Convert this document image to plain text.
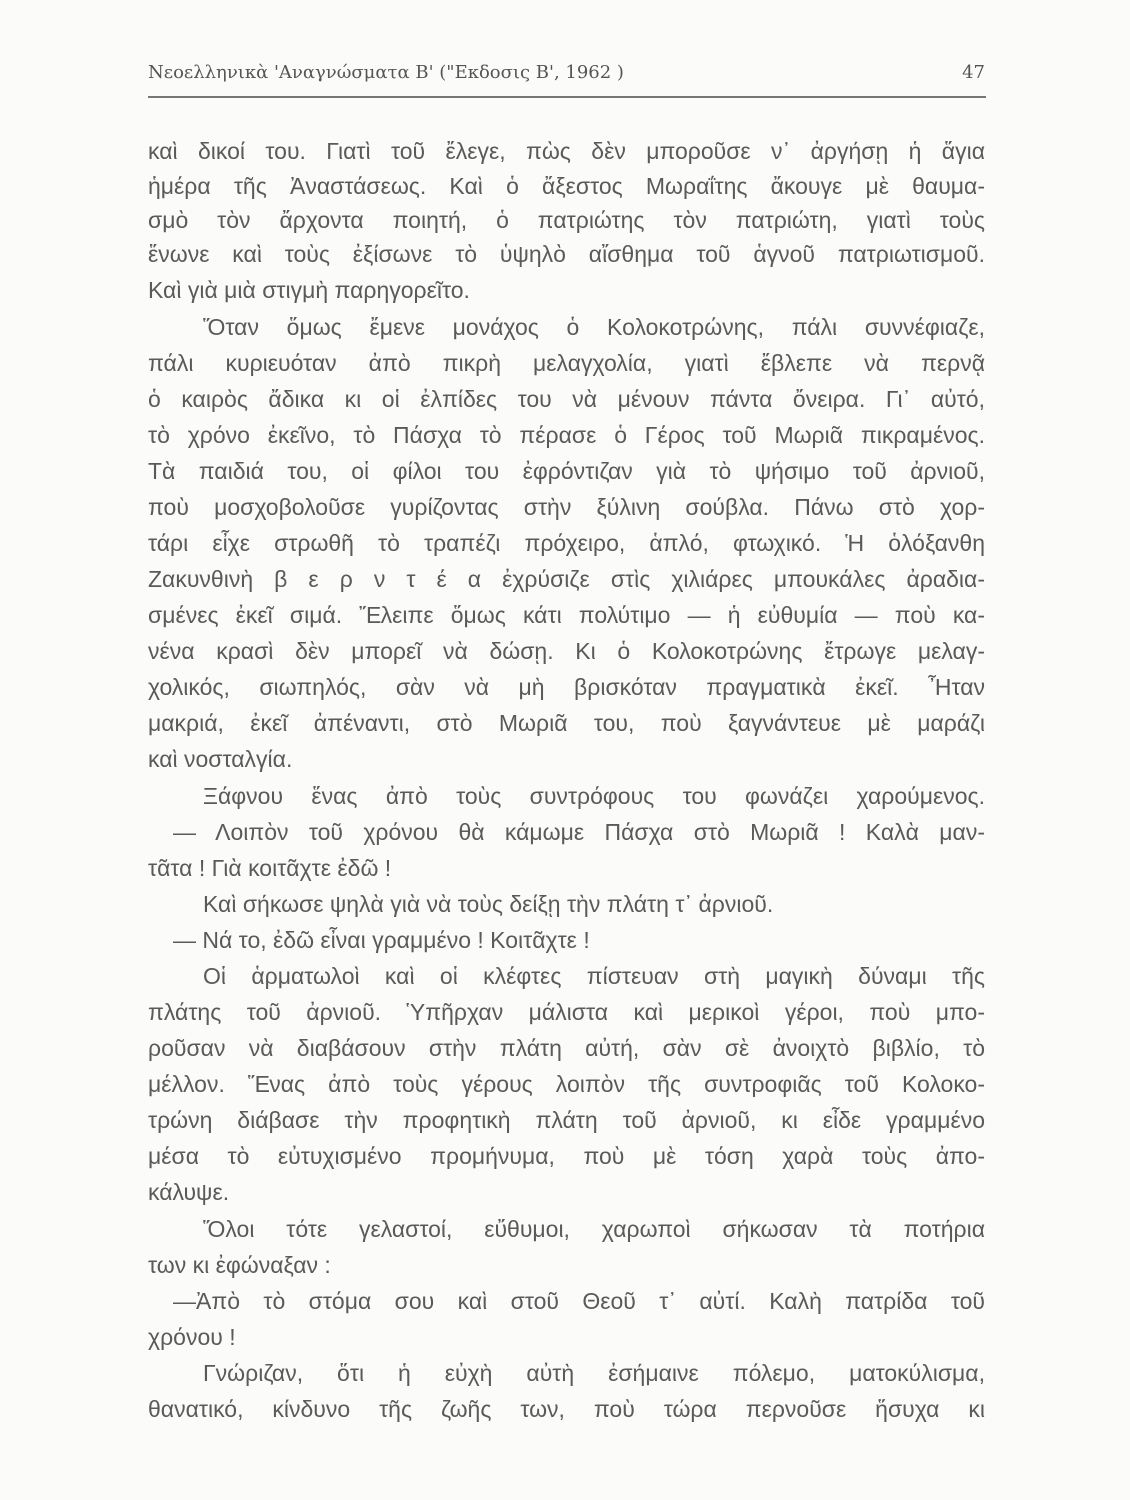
Νεοελληνικὰ 'Αναγνώσματα Β' ("Εκδοσις Β', 1962 )	47
καὶ δικοί του. Γιατὶ τοῦ ἔλεγε, πὼς δὲν μποροῦσε ν᾽ ἀργήσῃ ἡ ἅγια
ἡμέρα τῆς Ἀναστάσεως. Καὶ ὁ ἄξεστος Μωραΐτης ἄκουγε μὲ θαυμα-
σμὸ τὸν ἄρχοντα ποιητή, ὁ πατριώτης τὸν πατριώτη, γιατὶ τοὺς
ἕνωνε καὶ τοὺς ἐξίσωνε τὸ ὑψηλὸ αἴσθημα τοῦ ἁγνοῦ πατριωτισμοῦ.
Καὶ γιὰ μιὰ στιγμὴ παρηγορεῖτο.
Ὅταν ὅμως ἔμενε μονάχος ὁ Κολοκοτρώνης, πάλι συννέφιαζε,
πάλι κυριευόταν ἀπὸ πικρὴ μελαγχολία, γιατὶ ἔβλεπε νὰ περνᾷ
ὁ καιρὸς ἄδικα κι οἱ ἐλπίδες του νὰ μένουν πάντα ὄνειρα. Γι᾽ αὐτό,
τὸ χρόνο ἐκεῖνο, τὸ Πάσχα τὸ πέρασε ὁ Γέρος τοῦ Μωριᾶ πικραμένος.
Τὰ παιδιά του, οἱ φίλοι του ἐφρόντιζαν γιὰ τὸ ψήσιμο τοῦ ἀρνιοῦ,
ποὺ μοσχοβολοῦσε γυρίζοντας στὴν ξύλινη σούβλα. Πάνω στὸ χορ-
τάρι εἶχε στρωθῆ τὸ τραπέζι πρόχειρο, ἁπλό, φτωχικό. Ἡ ὁλόξανθη
Ζακυνθινὴ β ε ρ ν τ έ α ἐχρύσιζε στὶς χιλιάρες μπουκάλες ἀραδια-
σμένες ἐκεῖ σιμά. Ἔλειπε ὅμως κάτι πολύτιμο — ἡ εὐθυμία — ποὺ κα-
νένα κρασὶ δὲν μπορεῖ νὰ δώσῃ. Κι ὁ Κολοκοτρώνης ἔτρωγε μελαγ-
χολικός, σιωπηλός, σὰν νὰ μὴ βρισκόταν πραγματικὰ ἐκεῖ. Ἦταν
μακριά, ἐκεῖ ἀπέναντι, στὸ Μωριᾶ του, ποὺ ξαγνάντευε μὲ μαράζι
καὶ νοσταλγία.
Ξάφνου ἕνας ἀπὸ τοὺς συντρόφους του φωνάζει χαρούμενος.
— Λοιπὸν τοῦ χρόνου θὰ κάμωμε Πάσχα στὸ Μωριᾶ ! Καλὰ μαν-
τᾶτα ! Γιὰ κοιτᾶχτε ἐδῶ !
Καὶ σήκωσε ψηλὰ γιὰ νὰ τοὺς δείξῃ τὴν πλάτη τ᾽ ἀρνιοῦ.
— Νά το, ἐδῶ εἶναι γραμμένο ! Κοιτᾶχτε !
Οἱ ἁρματωλοὶ καὶ οἱ κλέφτες πίστευαν στὴ μαγικὴ δύναμι τῆς
πλάτης τοῦ ἀρνιοῦ. Ὑπῆρχαν μάλιστα καὶ μερικοὶ γέροι, ποὺ μπο-
ροῦσαν νὰ διαβάσουν στὴν πλάτη αὐτή, σὰν σὲ ἀνοιχτὸ βιβλίο, τὸ
μέλλον. Ἕνας ἀπὸ τοὺς γέρους λοιπὸν τῆς συντροφιᾶς τοῦ Κολοκο-
τρώνη διάβασε τὴν προφητικὴ πλάτη τοῦ ἀρνιοῦ, κι εἶδε γραμμένο
μέσα τὸ εὐτυχισμένο προμήνυμα, ποὺ μὲ τόση χαρὰ τοὺς ἀπο-
κάλυψε.
Ὅλοι τότε γελαστοί, εὔθυμοι, χαρωποὶ σήκωσαν τὰ ποτήρια
των κι ἐφώναξαν :
—Ἀπὸ τὸ στόμα σου καὶ στοῦ Θεοῦ τ᾽ αὐτί. Καλὴ πατρίδα τοῦ
χρόνου !
Γνώριζαν, ὅτι ἡ εὐχὴ αὐτὴ ἐσήμαινε πόλεμο, ματοκύλισμα,
θανατικό, κίνδυνο τῆς ζωῆς των, ποὺ τώρα περνοῦσε ἥσυχα κι
